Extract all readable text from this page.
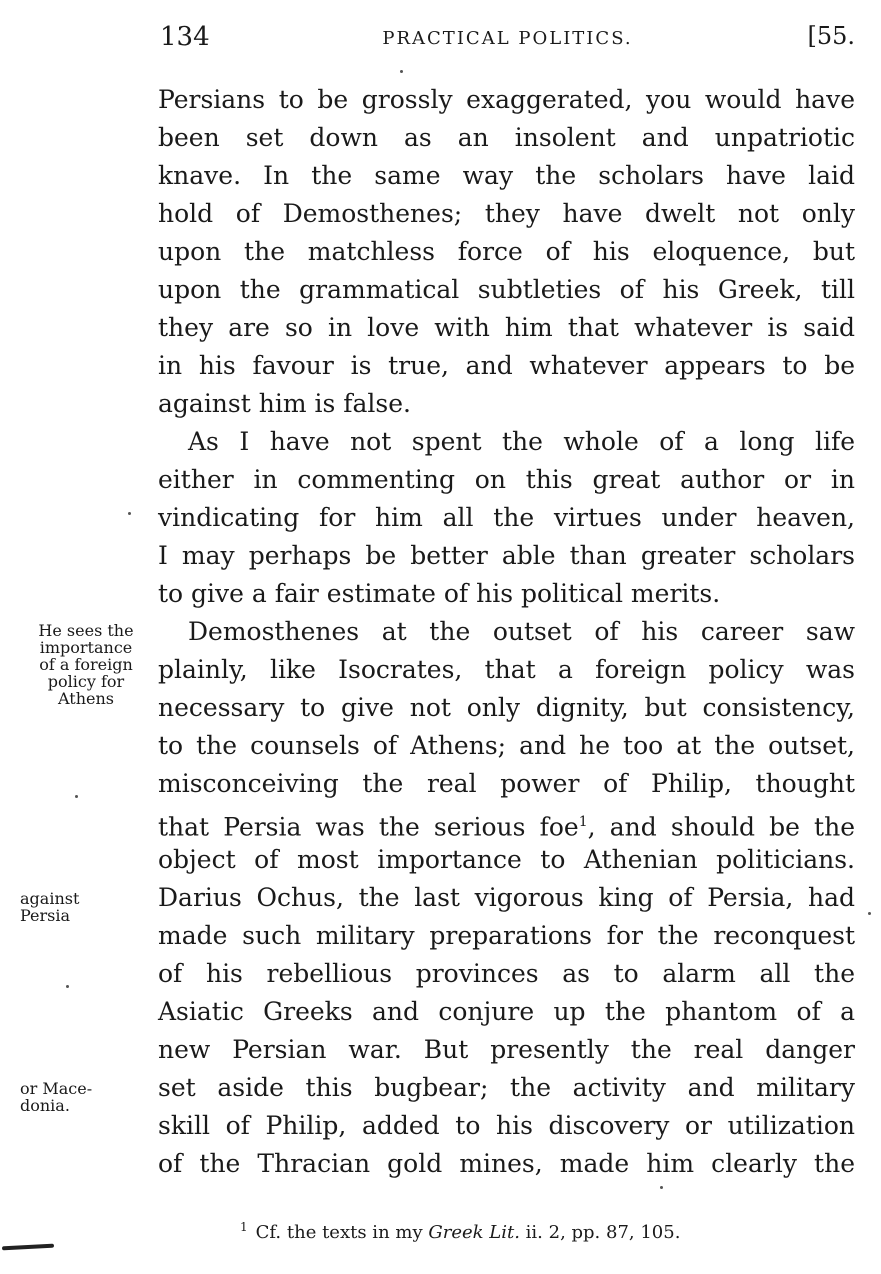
134	PRACTICAL POLITICS.	[55.
Persians to be grossly exaggerated, you would have
been set down as an insolent and unpatriotic
knave. In the same way the scholars have laid
hold of Demosthenes; they have dwelt not only
upon the matchless force of his eloquence, but
upon the grammatical subtleties of his Greek, till
they are so in love with him that whatever is said
in his favour is true, and whatever appears to be
against him is false.
As I have not spent the whole of a long life
either in commenting on this great author or in
vindicating for him all the virtues under heaven,
I may perhaps be better able than greater scholars
to give a fair estimate of his political merits.
Demosthenes at the outset of his career saw
plainly, like Isocrates, that a foreign policy was
necessary to give not only dignity, but consistency,
to the counsels of Athens; and he too at the outset,
misconceiving the real power of Philip, thought
that Persia was the serious foe$^1$, and should be the
object of most importance to Athenian politicians.
Darius Ochus, the last vigorous king of Persia, had
made such military preparations for the reconquest
of his rebellious provinces as to alarm all the
Asiatic Greeks and conjure up the phantom of a
new Persian war. But presently the real danger
set aside this bugbear; the activity and military
skill of Philip, added to his discovery or utilization
of the Thracian gold mines, made him clearly the
He sees the
importance
of a foreign
policy for
Athens
against
Persia
or Mace-
donia.
$^1$ Cf. the texts in my Greek Lit. ii. 2, pp. 87, 105.
